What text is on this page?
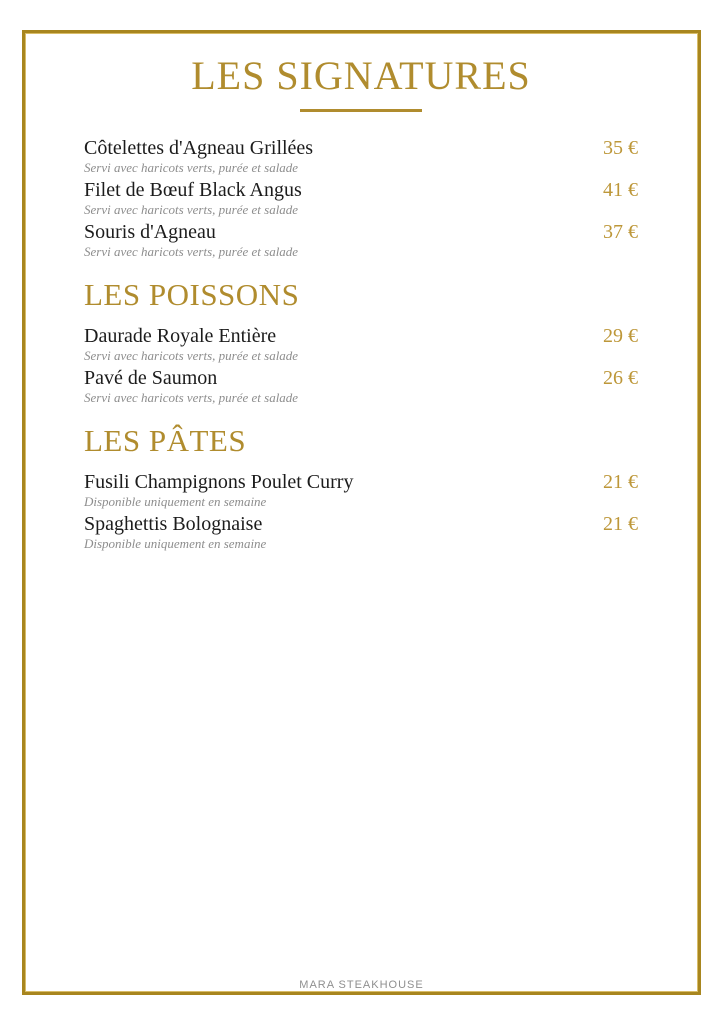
LES SIGNATURES
Côtelettes d'Agneau Grillées	35 €
Servi avec haricots verts, purée et salade
Filet de Bœuf Black Angus	41 €
Servi avec haricots verts, purée et salade
Souris d'Agneau	37 €
Servi avec haricots verts, purée et salade
LES POISSONS
Daurade Royale Entière	29 €
Servi avec haricots verts, purée et salade
Pavé de Saumon	26 €
Servi avec haricots verts, purée et salade
LES PÂTES
Fusili Champignons Poulet Curry	21 €
Disponible uniquement en semaine
Spaghettis Bolognaise	21 €
Disponible uniquement en semaine
MARA STEAKHOUSE
